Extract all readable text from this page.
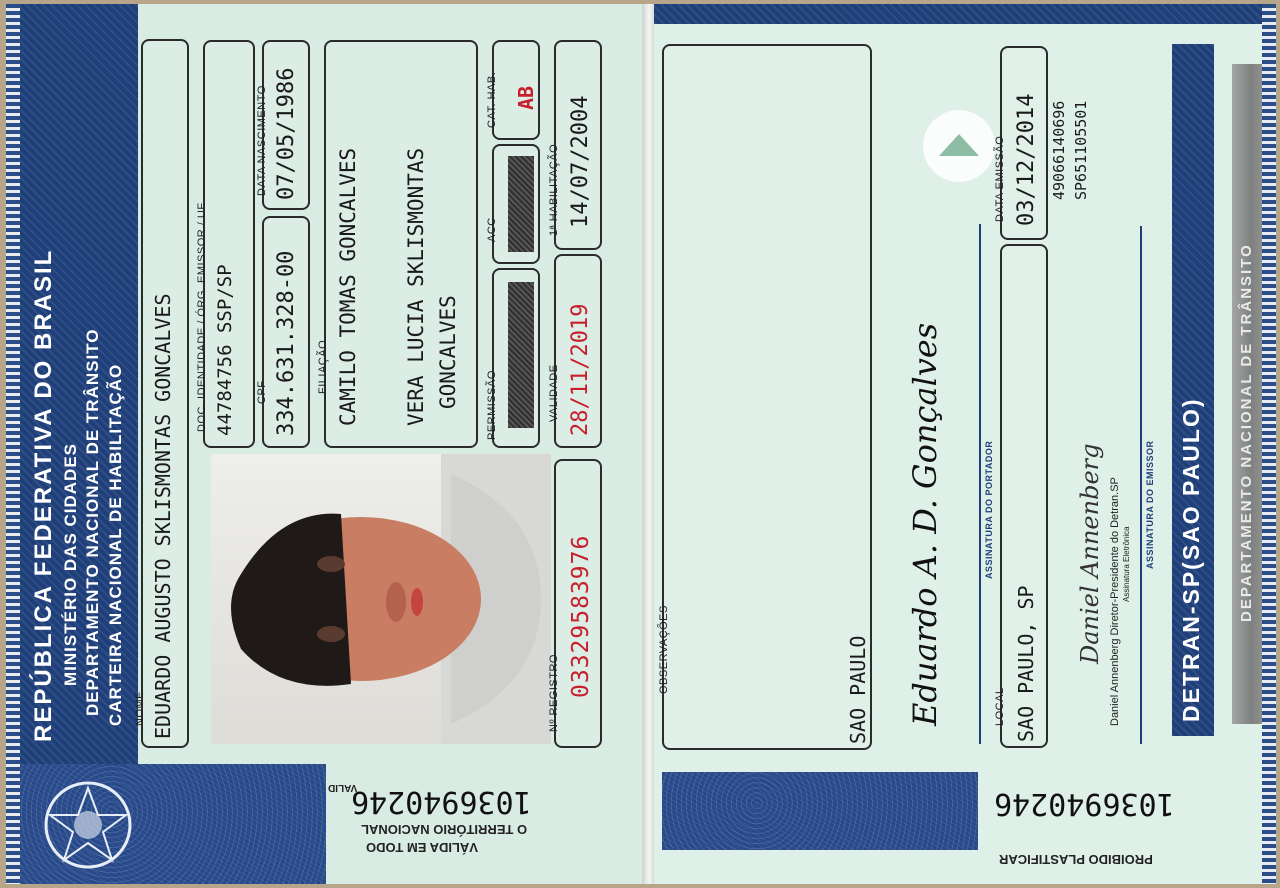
REPÚBLICA FEDERATIVA DO BRASIL MINISTÉRIO DAS CIDADES DEPARTAMENTO NACIONAL DE TRÂNSITO CARTEIRA NACIONAL DE HABILITAÇÃO NOME EDUARDO AUGUSTO SKLISMONTAS GONCALVES DOC. IDENTIDADE / ÓRG. EMISSOR / UF 44784756 SSP/SP CPF 334.631.328-00
DATA NASCIMENTO 07/05/1986
FILIAÇÃO CAMILO TOMAS GONCALVES VERA LUCIA SKLISMONTAS GONCALVES PERMISSÃO
ACC
CAT. HAB. AB
VALIDADE 28/11/2019
1ª HABILITAÇÃO 14/07/2004
Nº REGISTRO 03329583976
1036940246
VALID
VÁLIDA EM TODO
O TERRITÓRIO NACIONAL
OBSERVAÇÕES	SAO PAULO Eduardo A. D. Gonçalves	ASSINATURA DO PORTADOR
DATA EMISSÃO 03/12/2014
LOCAL SAO PAULO, SP
49066140696 SP651105501
Daniel Annenberg Daniel Annenberg Diretor-Presidente do Detran.SP Assinatura Eletrônica ASSINATURA DO EMISSOR DETRAN-SP(SAO PAULO) DEPARTAMENTO NACIONAL DE TRÂNSITO
1036940246
PROIBIDO PLASTIFICAR
